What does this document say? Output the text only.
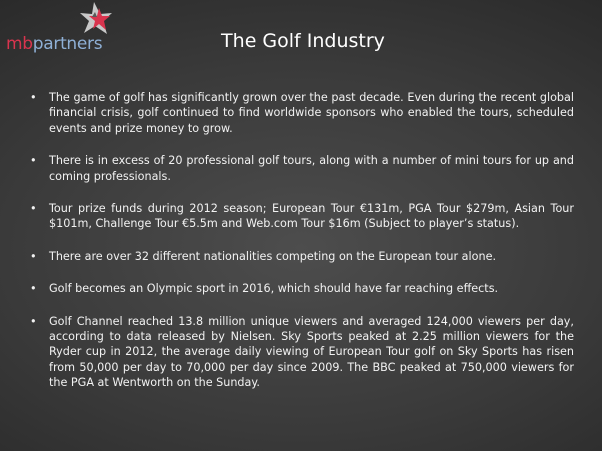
mbpartners	The Golf Industry
• The game of golf has significantly grown over the past decade. Even during the recent global financial crisis, golf continued to find worldwide sponsors who enabled the tours, scheduled events and prize money to grow.
• There is in excess of 20 professional golf tours, along with a number of mini tours for up and coming professionals.
• Tour prize funds during 2012 season; European Tour €131m, PGA Tour $279m, Asian Tour $101m, Challenge Tour €5.5m and Web.com Tour $16m (Subject to player’s status).
• There are over 32 different nationalities competing on the European tour alone.
• Golf becomes an Olympic sport in 2016, which should have far reaching effects.
• Golf Channel reached 13.8 million unique viewers and averaged 124,000 viewers per day, according to data released by Nielsen. Sky Sports peaked at 2.25 million viewers for the Ryder cup in 2012, the average daily viewing of European Tour golf on Sky Sports has risen from 50,000 per day to 70,000 per day since 2009. The BBC peaked at 750,000 viewers for the PGA at Wentworth on the Sunday.
